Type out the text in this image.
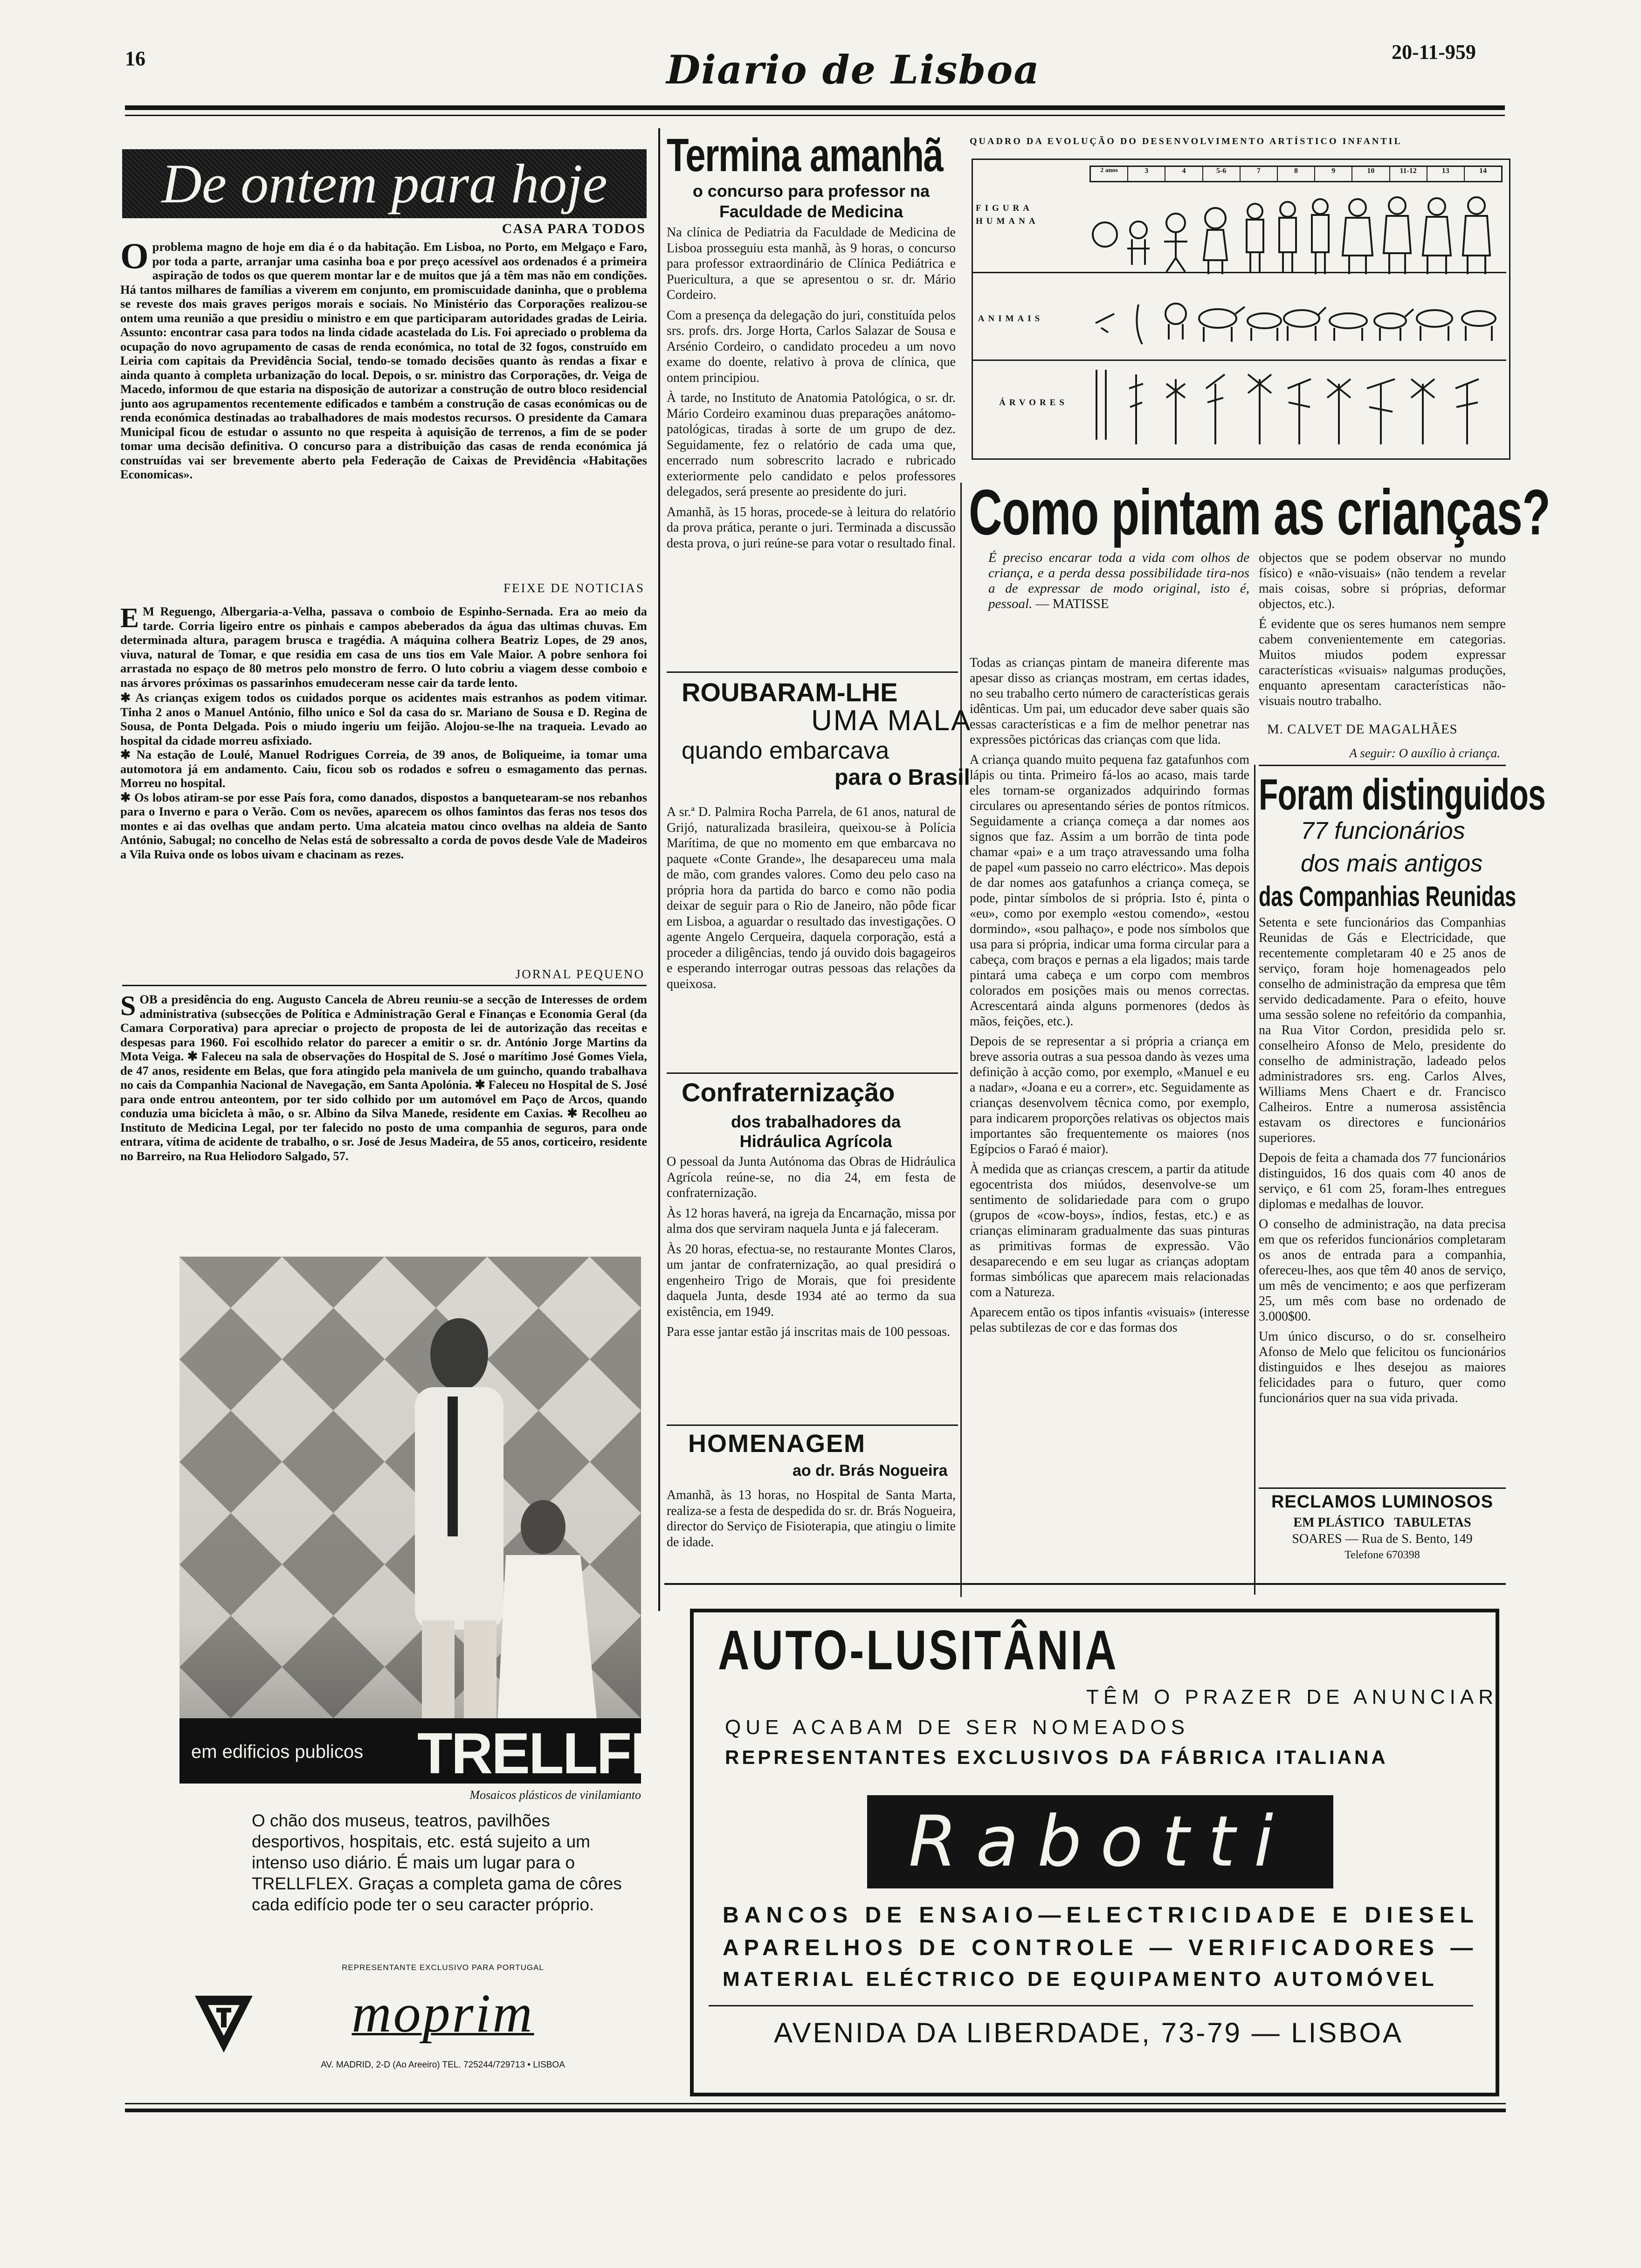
16	Diario de Lisboa	20-11-959
De ontem para hoje
CASA PARA TODOS
O problema magno de hoje em dia é o da habitação. Em Lisboa, no Porto, em Melgaço e Faro, por toda a parte, arranjar uma casinha boa e por preço acessível aos ordenados é a primeira aspiração de todos os que querem montar lar e de muitos que já a têm mas não em condições. Há tantos milhares de famílias a viverem em conjunto, em promiscuidade daninha, que o problema se reveste dos mais graves perigos morais e sociais. No Ministério das Corporações realizou-se ontem uma reunião a que presidiu o ministro e em que participaram autoridades gradas de Leiria. Assunto: encontrar casa para todos na linda cidade acastelada do Lis. Foi apreciado o problema da ocupação do novo agrupamento de casas de renda económica, no total de 32 fogos, construído em Leiria com capitais da Previdência Social, tendo-se tomado decisões quanto às rendas a fixar e ainda quanto à completa urbanização do local. Depois, o sr. ministro das Corporações, dr. Veiga de Macedo, informou de que estaria na disposição de autorizar a construção de outro bloco residencial junto aos agrupamentos recentemente edificados e também a construção de casas económicas ou de renda económica destinadas ao trabalhadores de mais modestos recursos. O presidente da Camara Municipal ficou de estudar o assunto no que respeita à aquisição de terrenos, a fim de se poder tomar uma decisão definitiva. O concurso para a distribuição das casas de renda económica já construídas vai ser brevemente aberto pela Federação de Caixas de Previdência «Habitações Economicas».
FEIXE DE NOTICIAS
E M Reguengo, Albergaria-a-Velha, passava o comboio de Espinho-Sernada. Era ao meio da tarde. Corria ligeiro entre os pinhais e campos abeberados da água das ultimas chuvas. Em determinada altura, paragem brusca e tragédia. A máquina colhera Beatriz Lopes, de 29 anos, viuva, natural de Tomar, e que residia em casa de uns tios em Vale Maior. A pobre senhora foi arrastada no espaço de 80 metros pelo monstro de ferro. O luto cobriu a viagem desse comboio e nas árvores próximas os passarinhos emudeceram nesse cair da tarde lento.
✱ As crianças exigem todos os cuidados porque os acidentes mais estranhos as podem vitimar. Tinha 2 anos o Manuel António, filho unico e Sol da casa do sr. Mariano de Sousa e D. Regina de Sousa, de Ponta Delgada. Pois o miudo ingeriu um feijão. Alojou-se-lhe na traqueia. Levado ao hospital da cidade morreu asfixiado.
✱ Na estação de Loulé, Manuel Rodrigues Correia, de 39 anos, de Boliqueime, ia tomar uma automotora já em andamento. Caiu, ficou sob os rodados e sofreu o esmagamento das pernas. Morreu no hospital.
✱ Os lobos atiram-se por esse País fora, como danados, dispostos a banquetearam-se nos rebanhos para o Inverno e para o Verão. Com os nevões, aparecem os olhos famintos das feras nos tesos dos montes e ai das ovelhas que andam perto. Uma alcateia matou cinco ovelhas na aldeia de Santo António, Sabugal; no concelho de Nelas está de sobressalto a corda de povos desde Vale de Madeiros a Vila Ruiva onde os lobos uivam e chacinam as rezes.
JORNAL PEQUENO
S OB a presidência do eng. Augusto Cancela de Abreu reuniu-se a secção de Interesses de ordem administrativa (subsecções de Política e Administração Geral e Finanças e Economia Geral (da Camara Corporativa) para apreciar o projecto de proposta de lei de autorização das receitas e despesas para 1960. Foi escolhido relator do parecer a emitir o sr. dr. António Jorge Martins da Mota Veiga. ✱ Faleceu na sala de observações do Hospital de S. José o marítimo José Gomes Viela, de 47 anos, residente em Belas, que fora atingido pela manivela de um guincho, quando trabalhava no cais da Companhia Nacional de Navegação, em Santa Apolónia. ✱ Faleceu no Hospital de S. José para onde entrou anteontem, por ter sido colhido por um automóvel em Paço de Arcos, quando conduzia uma bicicleta à mão, o sr. Albino da Silva Manede, residente em Caxias. ✱ Recolheu ao Instituto de Medicina Legal, por ter falecido no posto de uma companhia de seguros, para onde entrara, vítima de acidente de trabalho, o sr. José de Jesus Madeira, de 55 anos, corticeiro, residente no Barreiro, na Rua Heliodoro Salgado, 57.
em edificios publicos TRELLFLEX
Mosaicos plásticos de vinilamianto
O chão dos museus, teatros, pavilhões desportivos, hospitais, etc. está sujeito a um intenso uso diário. É mais um lugar para o TRELLFLEX. Graças a completa gama de côres cada edifício pode ter o seu caracter próprio.
REPRESENTANTE EXCLUSIVO PARA PORTUGAL
moprim
AV. MADRID, 2-D (Ao Areeiro) TEL. 725244/729713 • LISBOA
Termina amanhã
o concurso para professor na Faculdade de Medicina

Na clínica de Pediatria da Faculdade de Medicina de Lisboa prosseguiu esta manhã, às 9 horas, o concurso para professor extraordinário de Clínica Pediátrica e Puericultura, a que se apresentou o sr. dr. Mário Cordeiro.

Com a presença da delegação do juri, constituída pelos srs. profs. drs. Jorge Horta, Carlos Salazar de Sousa e Arsénio Cordeiro, o candidato procedeu a um novo exame do doente, relativo à prova de clínica, que ontem principiou.

À tarde, no Instituto de Anatomia Patológica, o sr. dr. Mário Cordeiro examinou duas preparações anátomo-patológicas, tiradas à sorte de um grupo de dez. Seguidamente, fez o relatório de cada uma que, encerrado num sobrescrito lacrado e rubricado exteriormente pelo candidato e pelos professores delegados, será presente ao presidente do juri.

Amanhã, às 15 horas, procede-se à leitura do relatório da prova prática, perante o juri. Terminada a discussão desta prova, o juri reúne-se para votar o resultado final.

ROUBARAM-LHE
UMA MALA
quando embarcava
para o Brasil

A sr.ª D. Palmira Rocha Parrela, de 61 anos, natural de Grijó, naturalizada brasileira, queixou-se à Polícia Marítima, de que no momento em que embarcava no paquete «Conte Grande», lhe desapareceu uma mala de mão, com grandes valores. Como deu pelo caso na própria hora da partida do barco e como não podia deixar de seguir para o Rio de Janeiro, não pôde ficar em Lisboa, a aguardar o resultado das investigações. O agente Angelo Cerqueira, daquela corporação, está a proceder a diligências, tendo já ouvido dois bagageiros e esperando interrogar outras pessoas das relações da queixosa.

Confraternização
dos trabalhadores da Hidráulica Agrícola

O pessoal da Junta Autónoma das Obras de Hidráulica Agrícola reúne-se, no dia 24, em festa de confraternização.

Às 12 horas haverá, na igreja da Encarnação, missa por alma dos que serviram naquela Junta e já faleceram.

Às 20 horas, efectua-se, no restaurante Montes Claros, um jantar de confraternização, ao qual presidirá o engenheiro Trigo de Morais, que foi presidente daquela Junta, desde 1934 até ao termo da sua existência, em 1949.

Para esse jantar estão já inscritas mais de 100 pessoas.

HOMENAGEM
ao dr. Brás Nogueira

Amanhã, às 13 horas, no Hospital de Santa Marta, realiza-se a festa de despedida do sr. dr. Brás Nogueira, director do Serviço de Fisioterapia, que atingiu o limite de idade.

QUADRO DA EVOLUÇÃO DO DESENVOLVIMENTO ARTÍSTICO INFANTIL
2 anos	3	4	5-6	7	8	9	10	11-12	13	14
FIGURA HUMANA
ANIMAIS
ÁRVORES
Como pintam as crianças?
É preciso encarar toda a vida com olhos de criança, e a perda dessa possibilidade tira-nos a de expressar de modo original, isto é, pessoal. — MATISSE

Todas as crianças pintam de maneira diferente mas apesar disso as crianças mostram, em certas idades, no seu trabalho certo número de características gerais idênticas. Um pai, um educador deve saber quais são essas características e a fim de melhor penetrar nas expressões pictóricas das crianças com que lida.

A criança quando muito pequena faz gatafunhos com lápis ou tinta. Primeiro fá-los ao acaso, mais tarde eles tornam-se organizados adquirindo formas circulares ou apresentando séries de pontos rítmicos. Seguidamente a criança começa a dar nomes aos signos que faz. Assim a um borrão de tinta pode chamar «pai» e a um traço atravessando uma folha de papel «um passeio no carro eléctrico». Mas depois de dar nomes aos gatafunhos a criança começa, se pode, pintar símbolos de si própria. Isto é, pinta o «eu», como por exemplo «estou comendo», «estou dormindo», «sou palhaço», e pode nos símbolos que usa para si própria, indicar uma forma circular para a cabeça, com braços e pernas a ela ligados; mais tarde pintará uma cabeça e um corpo com membros colorados em posições mais ou menos correctas. Acrescentará ainda alguns pormenores (dedos às mãos, feições, etc.).

Depois de se representar a si própria a criança em breve assoria outras a sua pessoa dando às vezes uma definição à acção como, por exemplo, «Manuel e eu a nadar», «Joana e eu a correr», etc. Seguidamente as crianças desenvolvem têcnica como, por exemplo, para indicarem proporções relativas os objectos mais importantes são frequentemente os maiores (nos Egípcios o Faraó é maior).

À medida que as crianças crescem, a partir da atitude egocentrista dos miúdos, desenvolve-se um sentimento de solidariedade para com o grupo (grupos de «cow-boys», índios, festas, etc.) e as crianças eliminaram gradualmente das suas pinturas as primitivas formas de expressão. Vão desaparecendo e em seu lugar as crianças adoptam formas simbólicas que aparecem mais relacionadas com a Natureza.

Aparecem então os tipos infantis «visuais» (interesse pelas subtilezas de cor e das formas dos

objectos que se podem observar no mundo físico) e «não-visuais» (não tendem a revelar mais coisas, sobre si próprias, deformar objectos, etc.).

É evidente que os seres humanos nem sempre cabem convenientemente em categorias. Muitos miudos podem expressar características «visuais» nalgumas produções, enquanto apresentam características não-visuais noutro trabalho.

M. CALVET DE MAGALHÃES
A seguir: O auxílio à criança.
Foram distinguidos
77 funcionários
dos mais antigos
das Companhias Reunidas

Setenta e sete funcionários das Companhias Reunidas de Gás e Electricidade, que recentemente completaram 40 e 25 anos de serviço, foram hoje homenageados pelo conselho de administração da empresa que têm servido dedicadamente. Para o efeito, houve uma sessão solene no refeitório da companhia, na Rua Vitor Cordon, presidida pelo sr. conselheiro Afonso de Melo, presidente do conselho de administração, ladeado pelos administradores srs. eng. Carlos Alves, Williams Mens Chaert e dr. Francisco Calheiros. Entre a numerosa assistência estavam os directores e funcionários superiores.

Depois de feita a chamada dos 77 funcionários distinguidos, 16 dos quais com 40 anos de serviço, e 61 com 25, foram-lhes entregues diplomas e medalhas de louvor.

O conselho de administração, na data precisa em que os referidos funcionários completaram os anos de entrada para a companhia, ofereceu-lhes, aos que têm 40 anos de serviço, um mês de vencimento; e aos que perfizeram 25, um mês com base no ordenado de 3.000$00.

Um único discurso, o do sr. conselheiro Afonso de Melo que felicitou os funcionários distinguidos e lhes desejou as maiores felicidades para o futuro, quer como funcionários quer na sua vida privada.

RECLAMOS LUMINOSOS
EM PLÁSTICO   TABULETAS
SOARES — Rua de S. Bento, 149
Telefone 670398
AUTO-LUSITÂNIA
TÊM O PRAZER DE ANUNCIAR
QUE ACABAM DE SER NOMEADOS
REPRESENTANTES EXCLUSIVOS DA FÁBRICA ITALIANA
Rabotti
BANCOS DE ENSAIO—ELECTRICIDADE E DIESEL
APARELHOS DE CONTROLE — VERIFICADORES —
MATERIAL ELÉCTRICO DE EQUIPAMENTO AUTOMÓVEL
AVENIDA DA LIBERDADE, 73-79 — LISBOA
